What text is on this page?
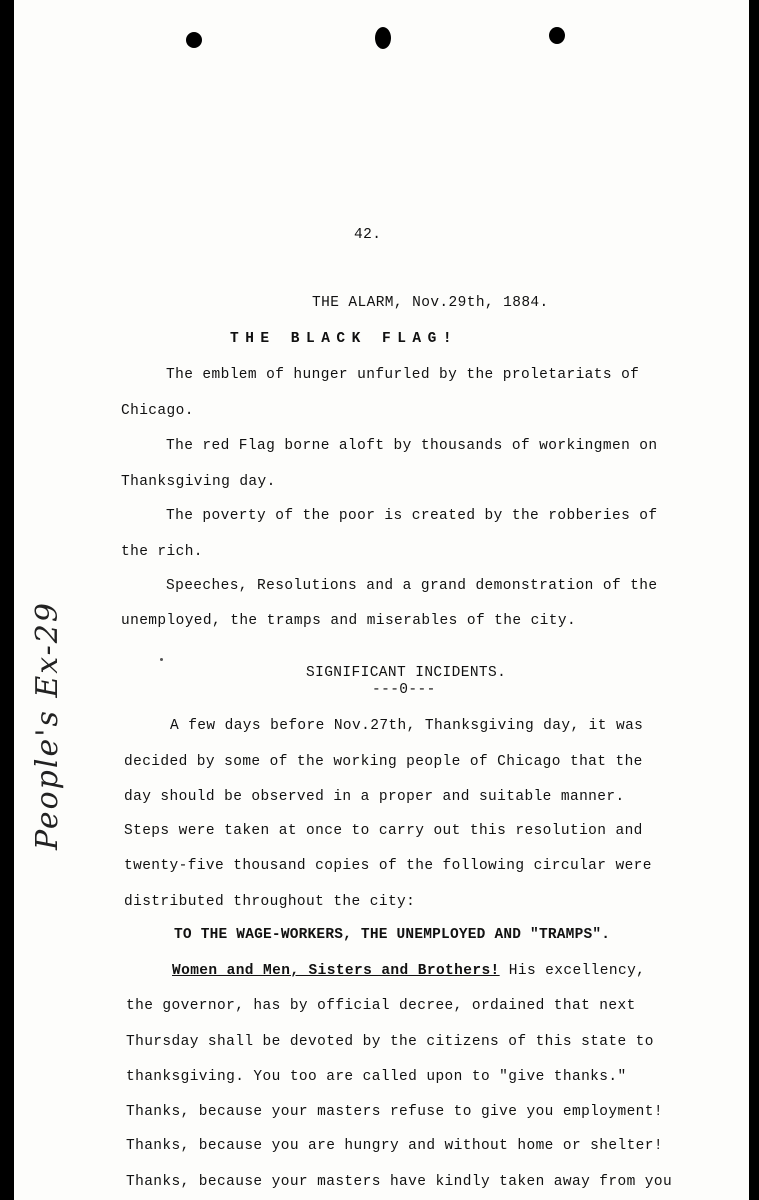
People's Ex-29

42.

THE ALARM, Nov.29th, 1884.

THE BLACK FLAG!

The emblem of hunger unfurled by the proletariats of

Chicago.

The red Flag borne aloft by thousands of workingmen on

Thanksgiving day.

The poverty of the poor is created by the robberies of

the rich.

Speeches, Resolutions and a grand demonstration of the

unemployed, the tramps and miserables of the city.

SIGNIFICANT INCIDENTS.

---0---

A few days before Nov.27th, Thanksgiving day, it was

decided by some of the working people of Chicago that the

day should be observed in a proper and suitable manner.

Steps were taken at once to carry out this resolution and

twenty-five thousand copies of the following circular were

distributed throughout the city:

TO THE WAGE-WORKERS, THE UNEMPLOYED AND "TRAMPS".

Women and Men, Sisters and Brothers! His excellency,

the governor, has by official decree, ordained that next

Thursday shall be devoted by the citizens of this state to

thanksgiving. You too are called upon to "give thanks."

Thanks, because your masters refuse to give you employment!

Thanks, because you are hungry and without home or shelter!

Thanks, because your masters have kindly taken away from you
